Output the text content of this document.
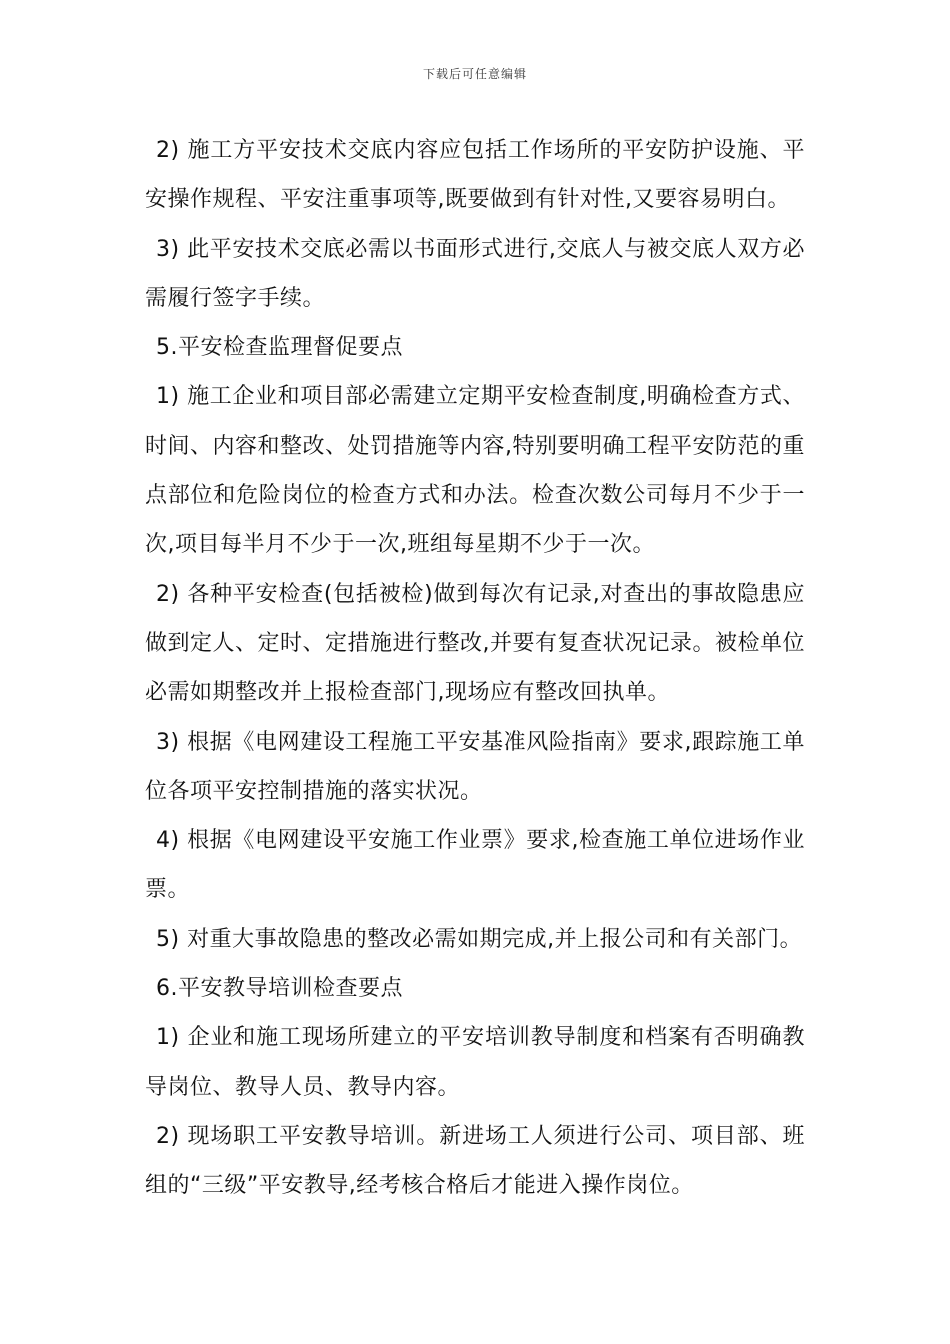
下载后可任意编辑

2) 施工方平安技术交底内容应包括工作场所的平安防护设施、平安操作规程、平安注重事项等,既要做到有针对性,又要容易明白。

3) 此平安技术交底必需以书面形式进行,交底人与被交底人双方必需履行签字手续。

5.平安检查监理督促要点

1) 施工企业和项目部必需建立定期平安检查制度,明确检查方式、时间、内容和整改、处罚措施等内容,特别要明确工程平安防范的重点部位和危险岗位的检查方式和办法。检查次数公司每月不少于一次,项目每半月不少于一次,班组每星期不少于一次。

2) 各种平安检查(包括被检)做到每次有记录,对查出的事故隐患应做到定人、定时、定措施进行整改,并要有复查状况记录。被检单位必需如期整改并上报检查部门,现场应有整改回执单。

3) 根据《电网建设工程施工平安基准风险指南》要求,跟踪施工单位各项平安控制措施的落实状况。

4) 根据《电网建设平安施工作业票》要求,检查施工单位进场作业票。

5) 对重大事故隐患的整改必需如期完成,并上报公司和有关部门。

6.平安教导培训检查要点

1) 企业和施工现场所建立的平安培训教导制度和档案有否明确教导岗位、教导人员、教导内容。

2) 现场职工平安教导培训。新进场工人须进行公司、项目部、班组的“三级”平安教导,经考核合格后才能进入操作岗位。
